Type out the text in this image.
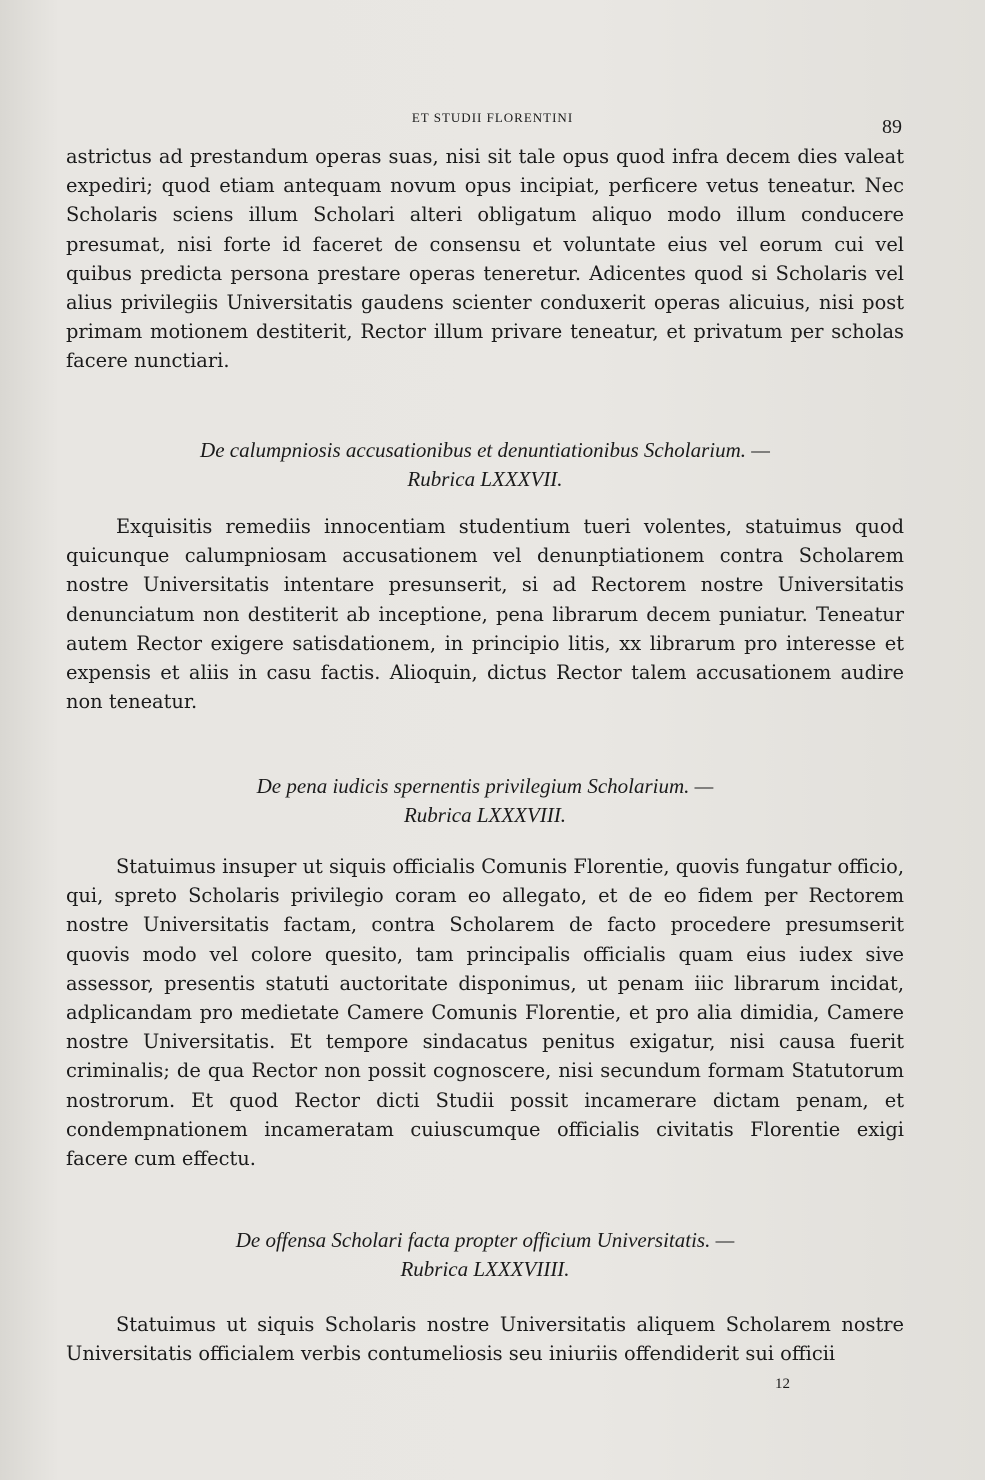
ET STUDII FLORENTINI	89

astrictus ad prestandum operas suas, nisi sit tale opus quod infra decem dies valeat expediri; quod etiam antequam novum opus incipiat, perficere vetus teneatur. Nec Scholaris sciens illum Scholari alteri obligatum aliquo modo illum conducere presumat, nisi forte id faceret de consensu et voluntate eius vel eorum cui vel quibus predicta persona prestare operas teneretur. Adicentes quod si Scholaris vel alius privilegiis Universitatis gaudens scienter conduxerit operas alicuius, nisi post primam motionem destiterit, Rector illum privare teneatur, et privatum per scholas facere nunctiari.

De calumpniosis accusationibus et denuntiationibus Scholarium. —
Rubrica LXXXVII.

Exquisitis remediis innocentiam studentium tueri volentes, statuimus quod quicunque calumpniosam accusationem vel denunptiationem contra Scholarem nostre Universitatis intentare presunserit, si ad Rectorem nostre Universitatis denunciatum non destiterit ab inceptione, pena librarum decem puniatur. Teneatur autem Rector exigere satisdationem, in principio litis, xx librarum pro interesse et expensis et aliis in casu factis. Alioquin, dictus Rector talem accusationem audire non teneatur.

De pena iudicis spernentis privilegium Scholarium. —
Rubrica LXXXVIII.

Statuimus insuper ut siquis officialis Comunis Florentie, quovis fungatur officio, qui, spreto Scholaris privilegio coram eo allegato, et de eo fidem per Rectorem nostre Universitatis factam, contra Scholarem de facto procedere presumserit quovis modo vel colore quesito, tam principalis officialis quam eius iudex sive assessor, presentis statuti auctoritate disponimus, ut penam iiic librarum incidat, adplicandam pro medietate Camere Comunis Florentie, et pro alia dimidia, Camere nostre Universitatis. Et tempore sindacatus penitus exigatur, nisi causa fuerit criminalis; de qua Rector non possit cognoscere, nisi secundum formam Statutorum nostrorum. Et quod Rector dicti Studii possit incamerare dictam penam, et condempnationem incameratam cuiuscumque officialis civitatis Florentie exigi facere cum effectu.

De offensa Scholari facta propter officium Universitatis. —
Rubrica LXXXVIIII.

Statuimus ut siquis Scholaris nostre Universitatis aliquem Scholarem nostre Universitatis officialem verbis contumeliosis seu iniuriis offendiderit sui officii

12
